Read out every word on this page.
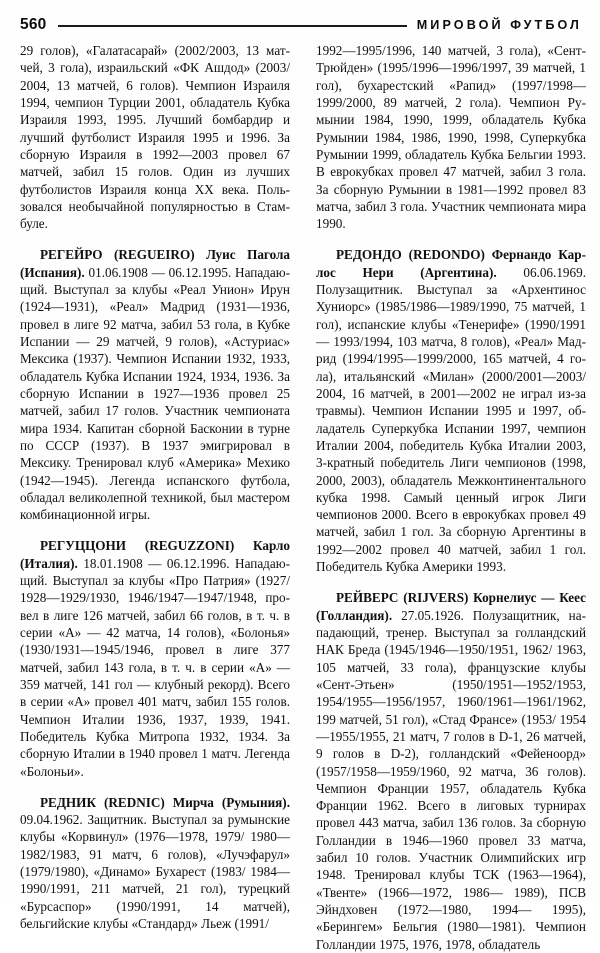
560	МИРОВОЙ ФУТБОЛ

29 голов), «Галатасарай» (2002/2003, 13 матчей, 3 гола), израильский «ФК Ашдод» (2003/ 2004, 13 матчей, 6 голов). Чемпион Израиля 1994, чемпион Турции 2001, обладатель Кубка Израиля 1993, 1995. Лучший бомбардир и лучший футболист Израиля 1995 и 1996. За сборную Израиля в 1992—2003 провел 67 матчей, забил 15 голов. Один из лучших футболистов Израиля конца XX века. Пользовался необычайной популярностью в Стамбуле.

РЕГЕЙРО (REGUEIRO) Луис Пагола (Испания). 01.06.1908 — 06.12.1995. Нападающий. Выступал за клубы «Реал Унион» Ирун (1924—1931), «Реал» Мадрид (1931—1936, провел в лиге 92 матча, забил 53 гола, в Кубке Испании — 29 матчей, 9 голов), «Астуриас» Мексика (1937). Чемпион Испании 1932, 1933, обладатель Кубка Испании 1924, 1934, 1936. За сборную Испании в 1927—1936 провел 25 матчей, забил 17 голов. Участник чемпионата мира 1934. Капитан сборной Басконии в турне по СССР (1937). В 1937 эмигрировал в Мексику. Тренировал клуб «Америка» Мехико (1942—1945). Легенда испанского футбола, обладал великолепной техникой, был мастером комбинационной игры.

РЕГУЦЦОНИ (REGUZZONI) Карло (Италия). 18.01.1908 — 06.12.1996. Нападающий. Выступал за клубы «Про Патрия» (1927/ 1928—1929/1930, 1946/1947—1947/1948, провел в лиге 126 матчей, забил 66 голов, в т. ч. в серии «А» — 42 матча, 14 голов), «Болонья» (1930/1931—1945/1946, провел в лиге 377 матчей, забил 143 гола, в т. ч. в серии «А» — 359 матчей, 141 гол — клубный рекорд). Всего в серии «А» провел 401 матч, забил 155 голов. Чемпион Италии 1936, 1937, 1939, 1941. Победитель Кубка Митропа 1932, 1934. За сборную Италии в 1940 провел 1 матч. Легенда «Болоньи».

РЕДНИК (REDNIC) Мирча (Румыния). 09.04.1962. Защитник. Выступал за румынские клубы «Корвинул» (1976—1978, 1979/ 1980—1982/1983, 91 матч, 6 голов), «Лучэфарул» (1979/1980), «Динамо» Бухарест (1983/ 1984—1990/1991, 211 матчей, 21 гол), турецкий «Бурсаспор» (1990/1991, 14 матчей), бельгийские клубы «Стандард» Льеж (1991/

1992—1995/1996, 140 матчей, 3 гола), «Сент-Трюйден» (1995/1996—1996/1997, 39 матчей, 1 гол), бухарестский «Рапид» (1997/1998— 1999/2000, 89 матчей, 2 гола). Чемпион Румынии 1984, 1990, 1999, обладатель Кубка Румынии 1984, 1986, 1990, 1998, Суперкубка Румынии 1999, обладатель Кубка Бельгии 1993. В еврокубках провел 47 матчей, забил 3 гола. За сборную Румынии в 1981—1992 провел 83 матча, забил 3 гола. Участник чемпионата мира 1990.

РЕДОНДО (REDONDO) Фернандо Карлос Нери (Аргентина). 06.06.1969. Полузащитник. Выступал за «Архентинос Хуниорс» (1985/1986—1989/1990, 75 матчей, 1 гол), испанские клубы «Тенерифе» (1990/1991— 1993/1994, 103 матча, 8 голов), «Реал» Мадрид (1994/1995—1999/2000, 165 матчей, 4 гола), итальянский «Милан» (2000/2001—2003/ 2004, 16 матчей, в 2001—2002 не играл из-за травмы). Чемпион Испании 1995 и 1997, обладатель Суперкубка Испании 1997, чемпион Италии 2004, победитель Кубка Италии 2003, 3-кратный победитель Лиги чемпионов (1998, 2000, 2003), обладатель Межконтинентального кубка 1998. Самый ценный игрок Лиги чемпионов 2000. Всего в еврокубках провел 49 матчей, забил 1 гол. За сборную Аргентины в 1992—2002 провел 40 матчей, забил 1 гол. Победитель Кубка Америки 1993.

РЕЙВЕРС (RIJVERS) Корнелиус — Кеес (Голландия). 27.05.1926. Полузащитник, нападающий, тренер. Выступал за голландский НАК Бреда (1945/1946—1950/1951, 1962/ 1963, 105 матчей, 33 гола), французские клубы «Сент-Этьен» (1950/1951—1952/1953, 1954/1955—1956/1957, 1960/1961—1961/1962, 199 матчей, 51 гол), «Стад Франсе» (1953/ 1954—1955/1955, 21 матч, 7 голов в D-1, 26 матчей, 9 голов в D-2), голландский «Фейеноорд» (1957/1958—1959/1960, 92 матча, 36 голов). Чемпион Франции 1957, обладатель Кубка Франции 1962. Всего в лиговых турнирах провел 443 матча, забил 136 голов. За сборную Голландии в 1946—1960 провел 33 матча, забил 10 голов. Участник Олимпийских игр 1948. Тренировал клубы ТСК (1963—1964), «Твенте» (1966—1972, 1986— 1989), ПСВ Эйндховен (1972—1980, 1994— 1995), «Берингем» Бельгия (1980—1981). Чемпион Голландии 1975, 1976, 1978, обладатель
